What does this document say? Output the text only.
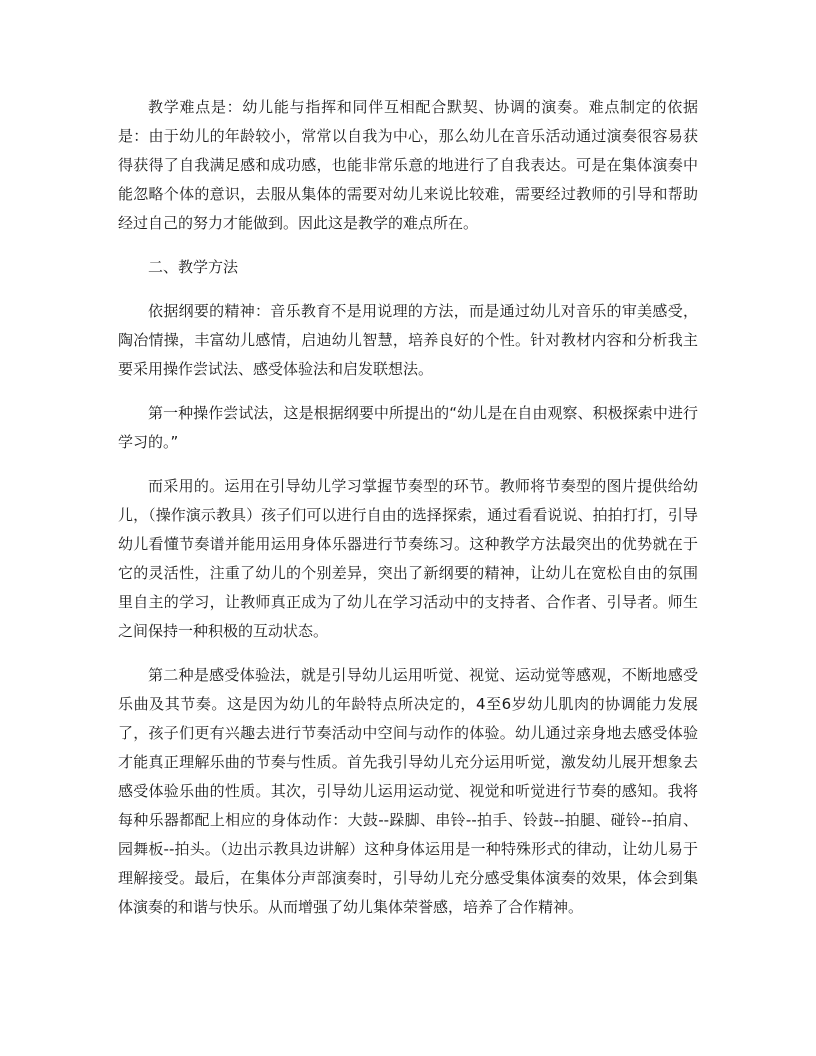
教学难点是：幼儿能与指挥和同伴互相配合默契、协调的演奏。难点制定的依据是：由于幼儿的年龄较小，常常以自我为中心，那么幼儿在音乐活动通过演奏很容易获得获得了自我满足感和成功感，也能非常乐意的地进行了自我表达。可是在集体演奏中能忽略个体的意识，去服从集体的需要对幼儿来说比较难，需要经过教师的引导和帮助经过自己的努力才能做到。因此这是教学的难点所在。

二、教学方法

依据纲要的精神：音乐教育不是用说理的方法，而是通过幼儿对音乐的审美感受，陶冶情操，丰富幼儿感情，启迪幼儿智慧，培养良好的个性。针对教材内容和分析我主要采用操作尝试法、感受体验法和启发联想法。

第一种操作尝试法，这是根据纲要中所提出的“幼儿是在自由观察、积极探索中进行学习的。”

而采用的。运用在引导幼儿学习掌握节奏型的环节。教师将节奏型的图片提供给幼儿，（操作演示教具）孩子们可以进行自由的选择探索，通过看看说说、拍拍打打，引导幼儿看懂节奏谱并能用运用身体乐器进行节奏练习。这种教学方法最突出的优势就在于它的灵活性，注重了幼儿的个别差异，突出了新纲要的精神，让幼儿在宽松自由的氛围里自主的学习，让教师真正成为了幼儿在学习活动中的支持者、合作者、引导者。师生之间保持一种积极的互动状态。

第二种是感受体验法，就是引导幼儿运用听觉、视觉、运动觉等感观，不断地感受乐曲及其节奏。这是因为幼儿的年龄特点所决定的，4至6岁幼儿肌肉的协调能力发展了，孩子们更有兴趣去进行节奏活动中空间与动作的体验。幼儿通过亲身地去感受体验才能真正理解乐曲的节奏与性质。首先我引导幼儿充分运用听觉，激发幼儿展开想象去感受体验乐曲的性质。其次，引导幼儿运用运动觉、视觉和听觉进行节奏的感知。我将每种乐器都配上相应的身体动作：大鼓--跺脚、串铃--拍手、铃鼓--拍腿、碰铃--拍肩、园舞板--拍头。（边出示教具边讲解）这种身体运用是一种特殊形式的律动，让幼儿易于理解接受。最后，在集体分声部演奏时，引导幼儿充分感受集体演奏的效果，体会到集体演奏的和谐与快乐。从而增强了幼儿集体荣誉感，培养了合作精神。
